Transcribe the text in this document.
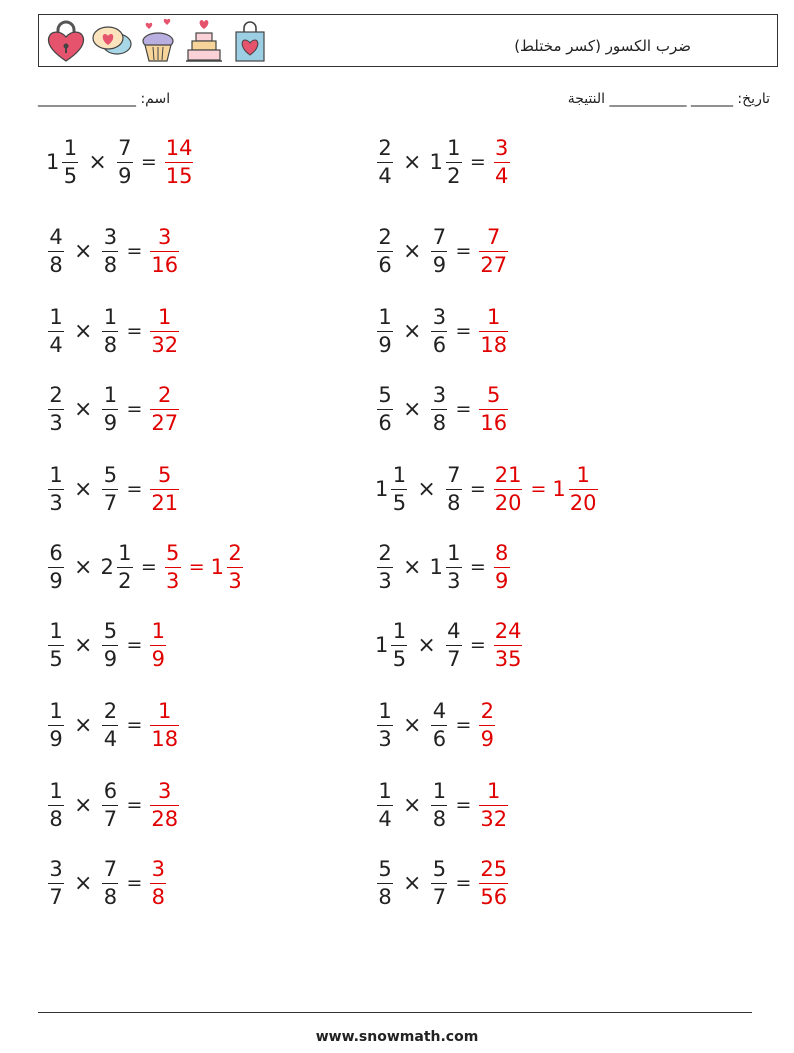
ضرب الكسور (كسر مختلط)
اسم: ______________	تاريخ: ______ ___________ النتيجة
$1 \frac{1}{5} \times \frac{7}{9} = \frac{14}{15}$
$\frac{4}{8} \times \frac{3}{8} = \frac{3}{16}$
$\frac{1}{4} \times \frac{1}{8} = \frac{1}{32}$
$\frac{2}{3} \times \frac{1}{9} = \frac{2}{27}$
$\frac{1}{3} \times \frac{5}{7} = \frac{5}{21}$
$\frac{6}{9} \times 2 \frac{1}{2} = \frac{5}{3} = 1 \frac{2}{3}$
$\frac{1}{5} \times \frac{5}{9} = \frac{1}{9}$
$\frac{1}{9} \times \frac{2}{4} = \frac{1}{18}$
$\frac{1}{8} \times \frac{6}{7} = \frac{3}{28}$
$\frac{3}{7} \times \frac{7}{8} = \frac{3}{8}$
$\frac{2}{4} \times 1 \frac{1}{2} = \frac{3}{4}$
$\frac{2}{6} \times \frac{7}{9} = \frac{7}{27}$
$\frac{1}{9} \times \frac{3}{6} = \frac{1}{18}$
$\frac{5}{6} \times \frac{3}{8} = \frac{5}{16}$
$1 \frac{1}{5} \times \frac{7}{8} = \frac{21}{20} = 1 \frac{1}{20}$
$\frac{2}{3} \times 1 \frac{1}{3} = \frac{8}{9}$
$1 \frac{1}{5} \times \frac{4}{7} = \frac{24}{35}$
$\frac{1}{3} \times \frac{4}{6} = \frac{2}{9}$
$\frac{1}{4} \times \frac{1}{8} = \frac{1}{32}$
$\frac{5}{8} \times \frac{5}{7} = \frac{25}{56}$
www.snowmath.com
